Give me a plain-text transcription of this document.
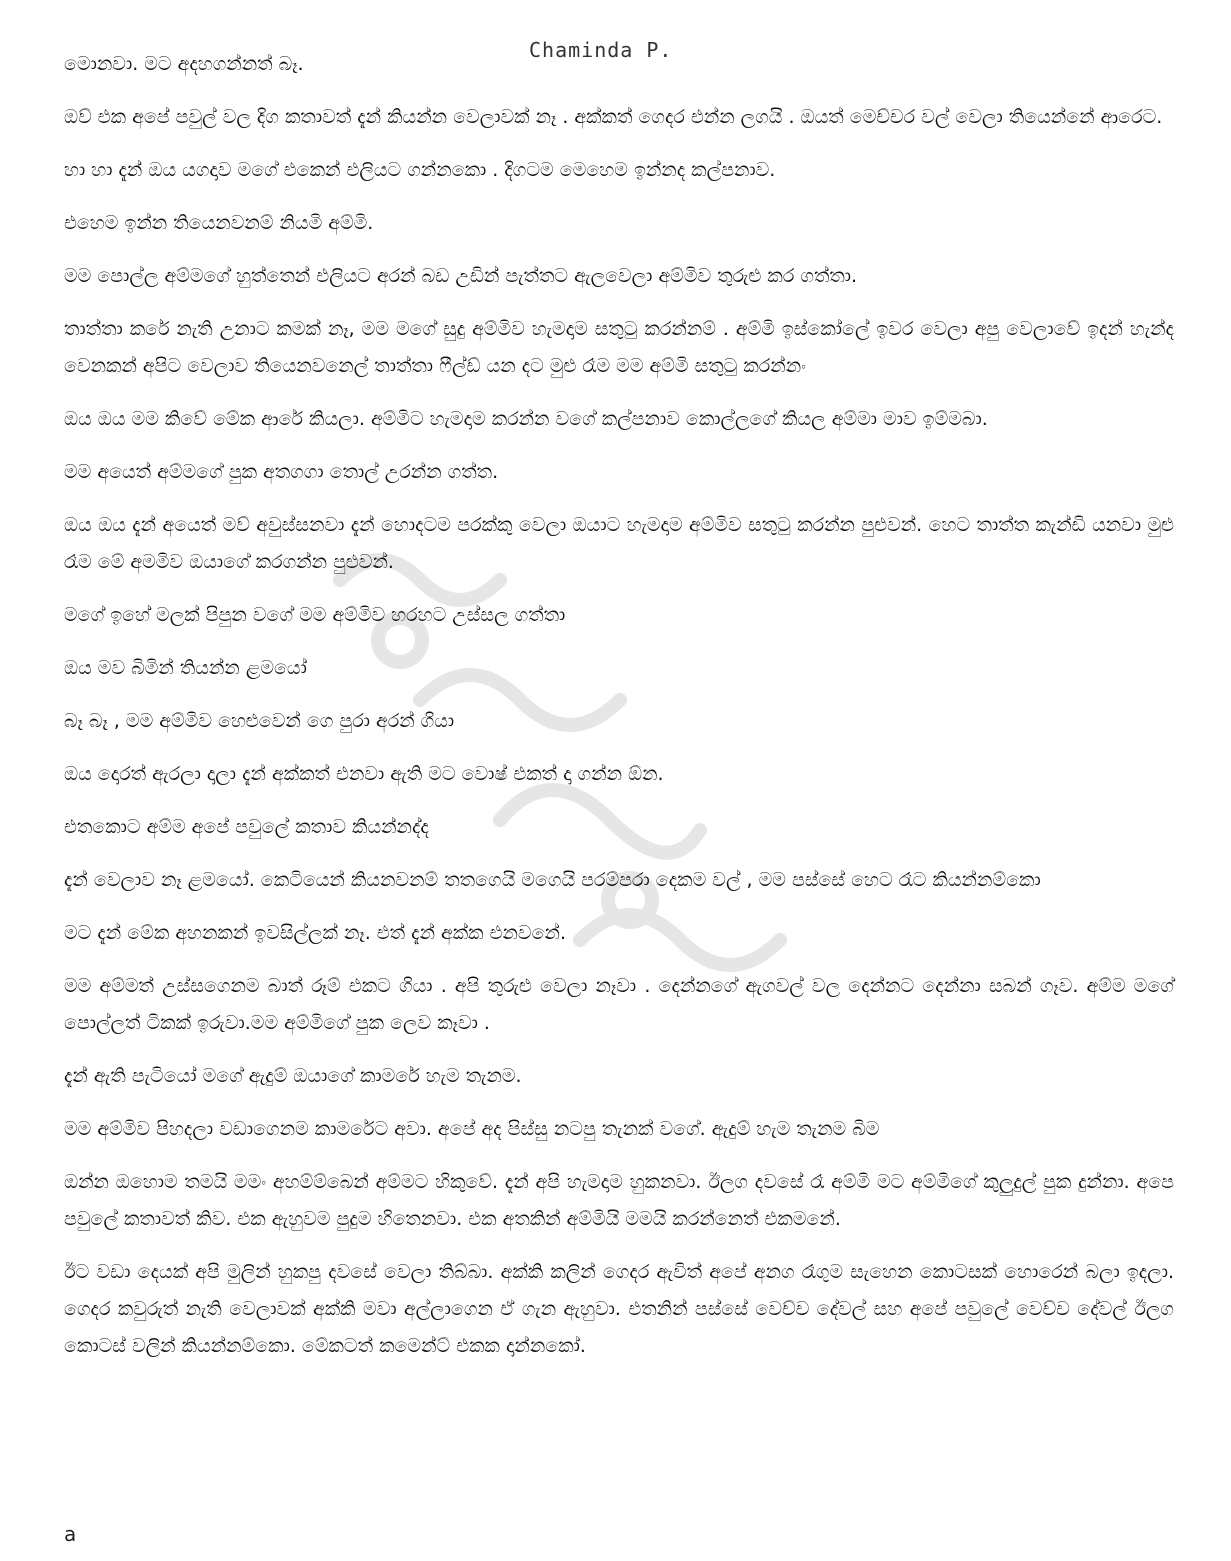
Chaminda P.

මොනවා. මට අදහගන්නත් බෑ.

ඔව් එක අපේ පවුල් වල දිග කතාවත් දැන් කියන්න වෙලාවක් නෑ . අක්කත් ගෙදර එන්න ලගයි . ඔයත් මෙච්චර වල් වෙලා තියෙන්නේ ආරෙට.

හා හා දැන් ඔය යගදාව මගේ එකෙන් එලියට ගන්නකො . දිගටම මෙහෙම ඉන්නද කල්පනාව.

එහෙම ඉන්න තියෙනවනම් නියමි අම්මි.

මම පොල්ල අම්මගේ හුත්තෙන් එලියට අරන් බඩ උඩින් පැත්තට ඇලවෙලා අම්මිව තුරුළු කර ගත්තා.

තාත්තා කරේ නැති උනාට කමක් නෑ, මම මගේ සුදු අම්මිව හැමදාම සතුටු කරන්නම් . අම්මි ඉස්කෝලේ ඉවර වෙලා අපු වෙලාවේ ඉදන් හැන්ද වෙනකන් අපිට වෙලාව තියෙනවනෙල් තාත්තා ෆීල්ඩ් යන දට මුළු රෑම මම අම්මි සතුටු කරන්නං

ඔය ඔය මම කිවේ මේක ආරේ කියලා. අම්මිට හැමදාම කරන්න වගේ කල්පනාව කොල්ලගේ කියල අම්මා මාව ඉම්මබා.

මම අයෙත් අම්මගේ පුක අතගගා තොල් උරන්න ගත්ත.

ඔය ඔය දැන් අයෙත් මව් අවුස්සනවා දැන් හොදටම පරක්කු වෙලා ඔයාට හැමදාම අම්මිව සතුටු කරන්න පුළුවන්. හෙට තාත්ත කැන්ඩි යනවා මුළු රෑම මේ අමමිව ඔයාගේ කරගන්න පුළුවන්.

මගේ ඉහේ මලක් පිපුන වගේ මම අම්මිව හරහට උස්සල ගත්තා

ඔය මව බිමින් තියන්න ළමයෝ

බෑ බෑ , මම අම්මිව හෙළුවෙන් ගෙ පුරා අරන් ගියා

ඔය දොරත් ඇරලා දාලා දැන් අක්කත් එනවා ඇති මට වොෂ් එකත් දා ගන්න ඕන.

එතකොට අම්ම අපේ පවුලේ කතාව කියන්නද්ද

දැන් වෙලාව නෑ ළමයෝ. කෙටියෙන් කියනවනම් තතගෙයි මගෙයි පරම්පරා දෙකම වල් , මම පස්සේ හෙට රෑට කියන්නම්කො

මට දැන් මේක අහනකන් ඉවසිල්ලක් නෑ. එත් දැන් අක්ක එනවනේ.

මම අම්මත් උස්සගෙනම බාත් රූම් එකට ගියා . අපි තුරුළු වෙලා නෑවා . දෙන්නගේ ඇගවල් වල දෙන්නට දෙන්නා සබන් ගෑව. අම්ම මගේ පොල්ලත් ටිකක් ඉරුවා.මම අම්මිගේ පුක ලෙව කෑවා .

දැන් ඇති පැටියෝ මගේ ඇදුම් ඔයාගේ කාමරේ හැම තැනම.

මම අම්මිව පිහදලා වඩාගෙනම කාමරේට අවා. අපේ අද පිස්සු නටපු තැනක් වගේ. ඇදුම් හැම තැනම බිම

ඔන්න ඔහොම තමයි මමං අහම්ම්බෙන් අම්මට හිකුවේ. දැන් අපි හැමදාම හුකනවා. ඊලග දවසේ රෑ අම්මි මට අම්මිගේ කුලුදුල් පුක දුන්නා. අපෙ පවුලේ කතාවත් කිව. එක ඇහුවම පුදුම හිතෙනවා. එක අතකින් අම්මියි මමයි කරන්නෙත් එකමනේ.

ඊට වඩා දෙයක් අපි මුලින් හුකපු දවසේ වෙලා තිබ්බා. අක්කි කලින් ගෙදර ඇවිත් අපේ අනග රෑගුම සැහෙන කොටසක් හොරෙන් බලා ඉදලා. ගෙදර කවුරුත් නැති වෙලාවක් අක්කි මවා අල්ලාගෙන ඒ ගැන ඇහුවා. එතනින් පස්සේ වෙච්ච දේවල් සහ අපේ පවුලේ වෙච්ච දේවල් ඊලග කොටස් වලින් කියන්නම්කො. මේකටත් කමෙන්ට් එකක දාන්නකෝ.

a
